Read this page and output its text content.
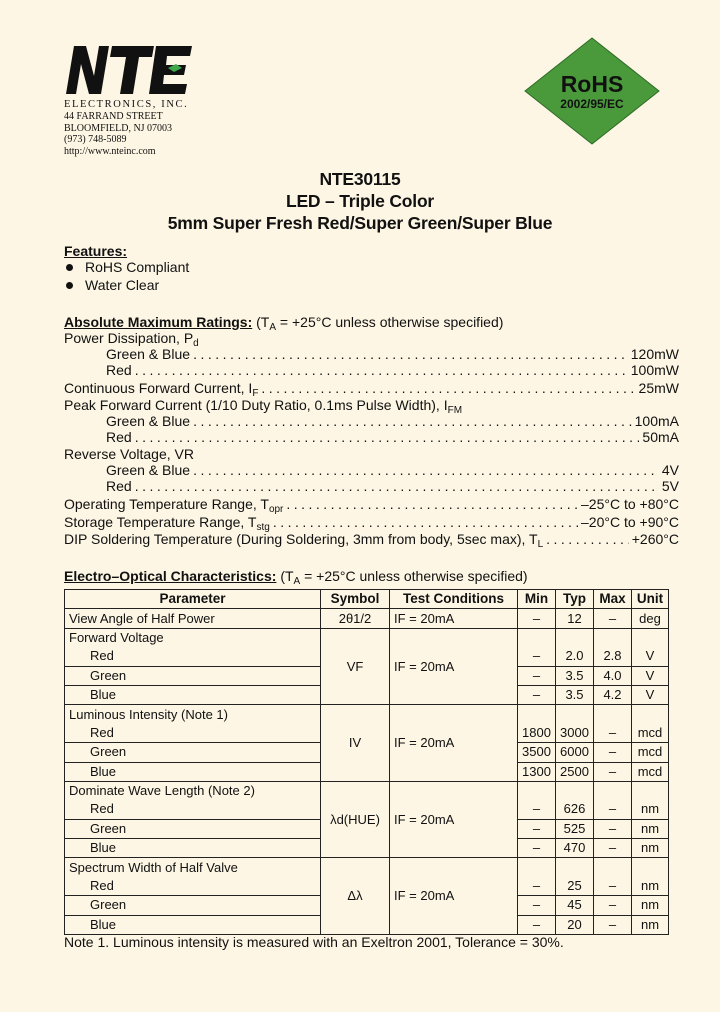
ELECTRONICS, INC.
44 FARRAND STREET
BLOOMFIELD, NJ 07003
(973) 748-5089
http://www.nteinc.com
RoHS
2002/95/EC
NTE30115
LED – Triple Color
5mm Super Fresh Red/Super Green/Super Blue
Features:
RoHS Compliant
Water Clear
Absolute Maximum Ratings: ($T_A = +25^\circ C$ unless otherwise specified)
Power Dissipation, $P_d$
Green & Blue . . .	120mW
Red . . .	100mW
Continuous Forward Current, $I_F$ . . .	25mW
Peak Forward Current (1/10 Duty Ratio, 0.1ms Pulse Width), $I_{FM}$
Green & Blue . . .	100mA
Red . . .	50mA
Reverse Voltage, VR
Green & Blue . . .	4V
Red . . .	5V
Operating Temperature Range, $T_{opr}$ . . .	–25°C to +80°C
Storage Temperature Range, $T_{stg}$ . . .	–20°C to +90°C
DIP Soldering Temperature (During Soldering, 3mm from body, 5sec max), $T_L$ . . .	+260°C
Electro–Optical Characteristics: ($T_A = +25^\circ C$ unless otherwise specified)
Parameter	Symbol	Test Conditions	Min	Typ	Max	Unit
View Angle of Half Power	2θ1/2	IF = 20mA	–	12	–	deg
Forward Voltage	VF	IF = 20mA				
Red			–	2.0	2.8	V
Green			–	3.5	4.0	V
Blue			–	3.5	4.2	V
Luminous Intensity (Note 1)	IV	IF = 20mA				
Red			1800	3000	–	mcd
Green			3500	6000	–	mcd
Blue			1300	2500	–	mcd
Dominate Wave Length (Note 2)	λd(HUE)	IF = 20mA				
Red			–	626	–	nm
Green			–	525	–	nm
Blue			–	470	–	nm
Spectrum Width of Half Valve	Δλ	IF = 20mA				
Red			–	25	–	nm
Green			–	45	–	nm
Blue			–	20	–	nm
Note 1. Luminous intensity is measured with an Exeltron 2001, Tolerance = 30%.
